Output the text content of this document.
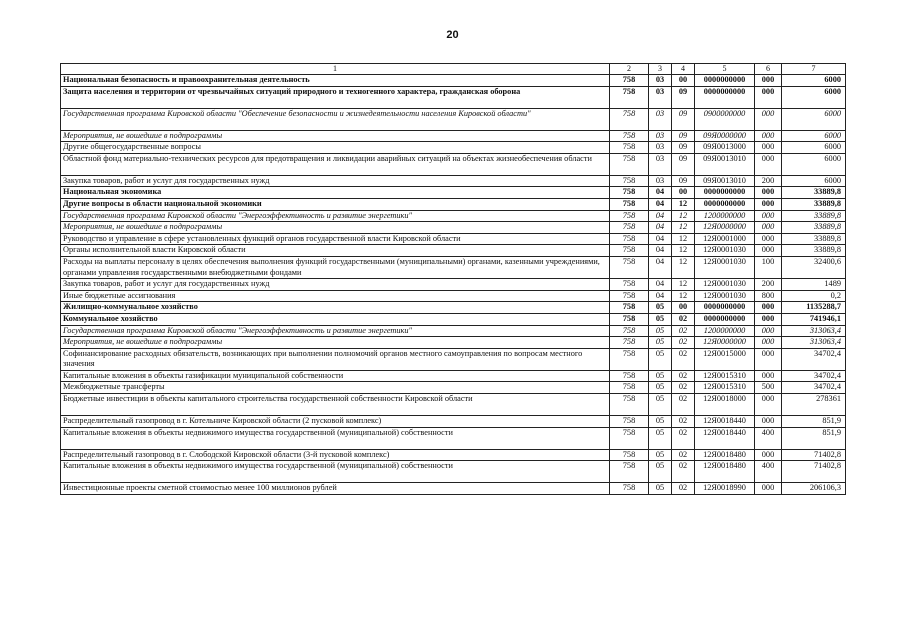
20
1	2	3	4	5	6	7
Национальная безопасность и правоохранительная деятельность	758	03	00	0000000000	000	6000
Защита населения и территории от чрезвычайных ситуаций природного и техногенного характера, гражданская оборона	758	03	09	0000000000	000	6000
Государственная программа Кировской области "Обеспечение безопасности и жизнедеятельности населения Кировской области"	758	03	09	0900000000	000	6000
Мероприятия, не вошедшие в подпрограммы	758	03	09	09Я0000000	000	6000
Другие общегосударственные вопросы	758	03	09	09Я0013000	000	6000
Областной фонд материально-технических ресурсов для предотвращения и ликвидации аварийных ситуаций на объектах жизнеобеспечения области	758	03	09	09Я0013010	000	6000
Закупка товаров, работ и услуг для государственных нужд	758	03	09	09Я0013010	200	6000
Национальная экономика	758	04	00	0000000000	000	33889,8
Другие вопросы в области национальной экономики	758	04	12	0000000000	000	33889,8
Государственная программа Кировской области "Энергоэффективность и развитие энергетики"	758	04	12	1200000000	000	33889,8
Мероприятия, не вошедшие в подпрограммы	758	04	12	12Я0000000	000	33889,8
Руководство и управление в сфере установленных функций органов государственной власти Кировской области	758	04	12	12Я0001000	000	33889,8
Органы исполнительной власти Кировской области	758	04	12	12Я0001030	000	33889,8
Расходы на выплаты персоналу в целях обеспечения выполнения функций государственными (муниципальными) органами, казенными учреждениями, органами управления государственными внебюджетными фондами	758	04	12	12Я0001030	100	32400,6
Закупка товаров, работ и услуг для государственных нужд	758	04	12	12Я0001030	200	1489
Иные бюджетные ассигнования	758	04	12	12Я0001030	800	0,2
Жилищно-коммунальное хозяйство	758	05	00	0000000000	000	1135288,7
Коммунальное хозяйство	758	05	02	0000000000	000	741946,1
Государственная программа Кировской области "Энергоэффективность и развитие энергетики"	758	05	02	1200000000	000	313063,4
Мероприятия, не вошедшие в подпрограммы	758	05	02	12Я0000000	000	313063,4
Софинансирование расходных обязательств, возникающих при выполнении полномочий органов местного самоуправления по вопросам местного значения	758	05	02	12Я0015000	000	34702,4
Капитальные вложения в объекты газификации муниципальной собственности	758	05	02	12Я0015310	000	34702,4
Межбюджетные трансферты	758	05	02	12Я0015310	500	34702,4
Бюджетные инвестиции в объекты капитального строительства государственной собственности Кировской области	758	05	02	12Я0018000	000	278361
Распределительный газопровод в г. Котельниче Кировской области (2 пусковой комплекс)	758	05	02	12Я0018440	000	851,9
Капитальные вложения в объекты недвижимого имущества государственной (муниципальной) собственности	758	05	02	12Я0018440	400	851,9
Распределительный газопровод в г. Слободской Кировской области (3-й пусковой комплекс)	758	05	02	12Я0018480	000	71402,8
Капитальные вложения в объекты недвижимого имущества государственной (муниципальной) собственности	758	05	02	12Я0018480	400	71402,8
Инвестиционные проекты сметной стоимостью менее 100 миллионов рублей	758	05	02	12Я0018990	000	206106,3
